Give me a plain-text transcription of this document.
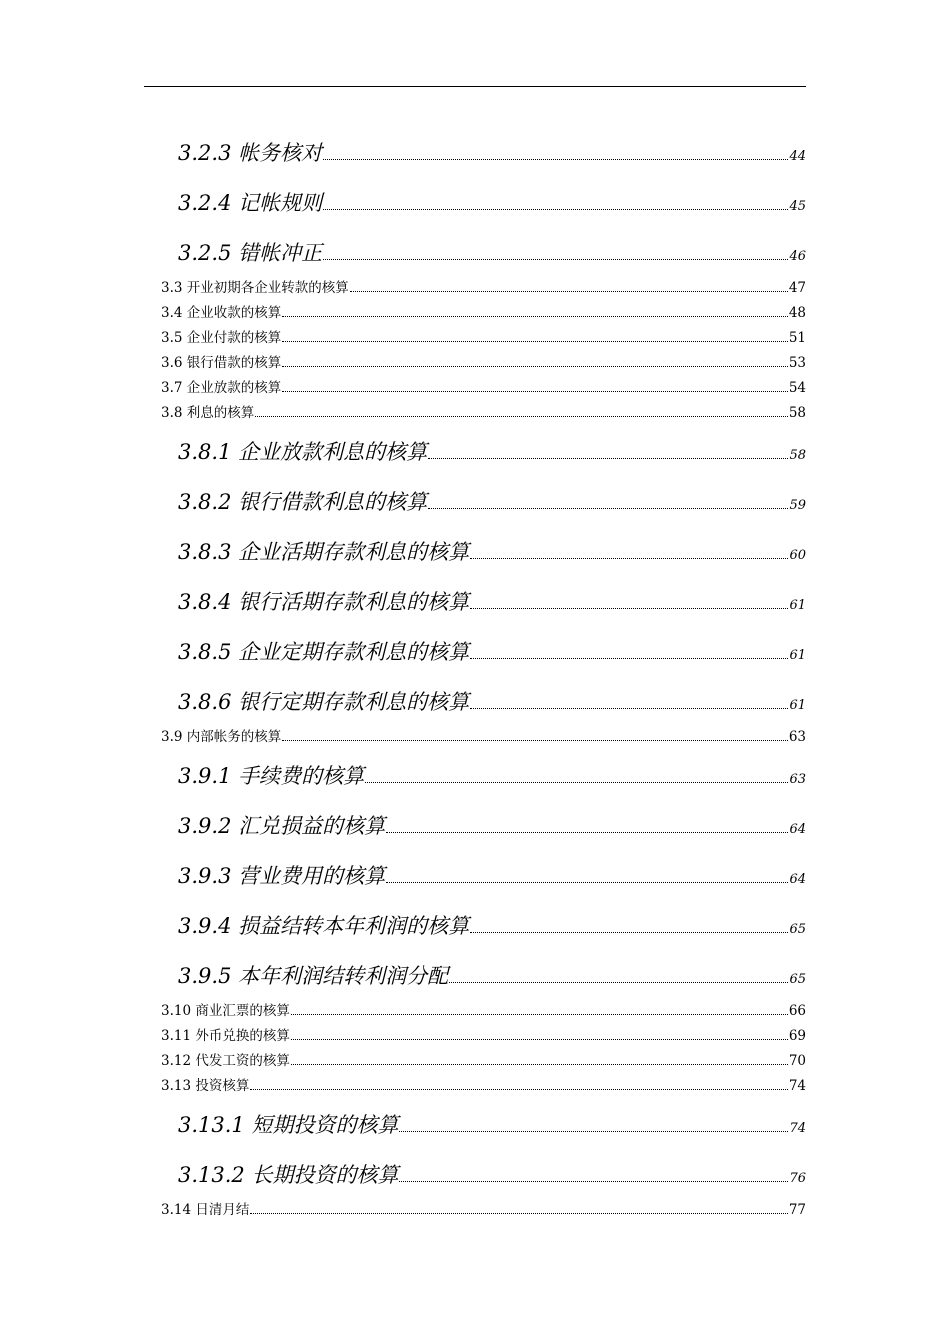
3.2.3 帐务核对	44
3.2.4 记帐规则	45
3.2.5 错帐冲正	46
3.3 开业初期各企业转款的核算	47
3.4 企业收款的核算	48
3.5 企业付款的核算	51
3.6 银行借款的核算	53
3.7 企业放款的核算	54
3.8 利息的核算	58
3.8.1 企业放款利息的核算	58
3.8.2 银行借款利息的核算	59
3.8.3 企业活期存款利息的核算	60
3.8.4 银行活期存款利息的核算	61
3.8.5 企业定期存款利息的核算	61
3.8.6 银行定期存款利息的核算	61
3.9 内部帐务的核算	63
3.9.1 手续费的核算	63
3.9.2 汇兑损益的核算	64
3.9.3 营业费用的核算	64
3.9.4 损益结转本年利润的核算	65
3.9.5 本年利润结转利润分配	65
3.10 商业汇票的核算	66
3.11 外币兑换的核算	69
3.12 代发工资的核算	70
3.13 投资核算	74
3.13.1 短期投资的核算	74
3.13.2 长期投资的核算	76
3.14 日清月结	77
